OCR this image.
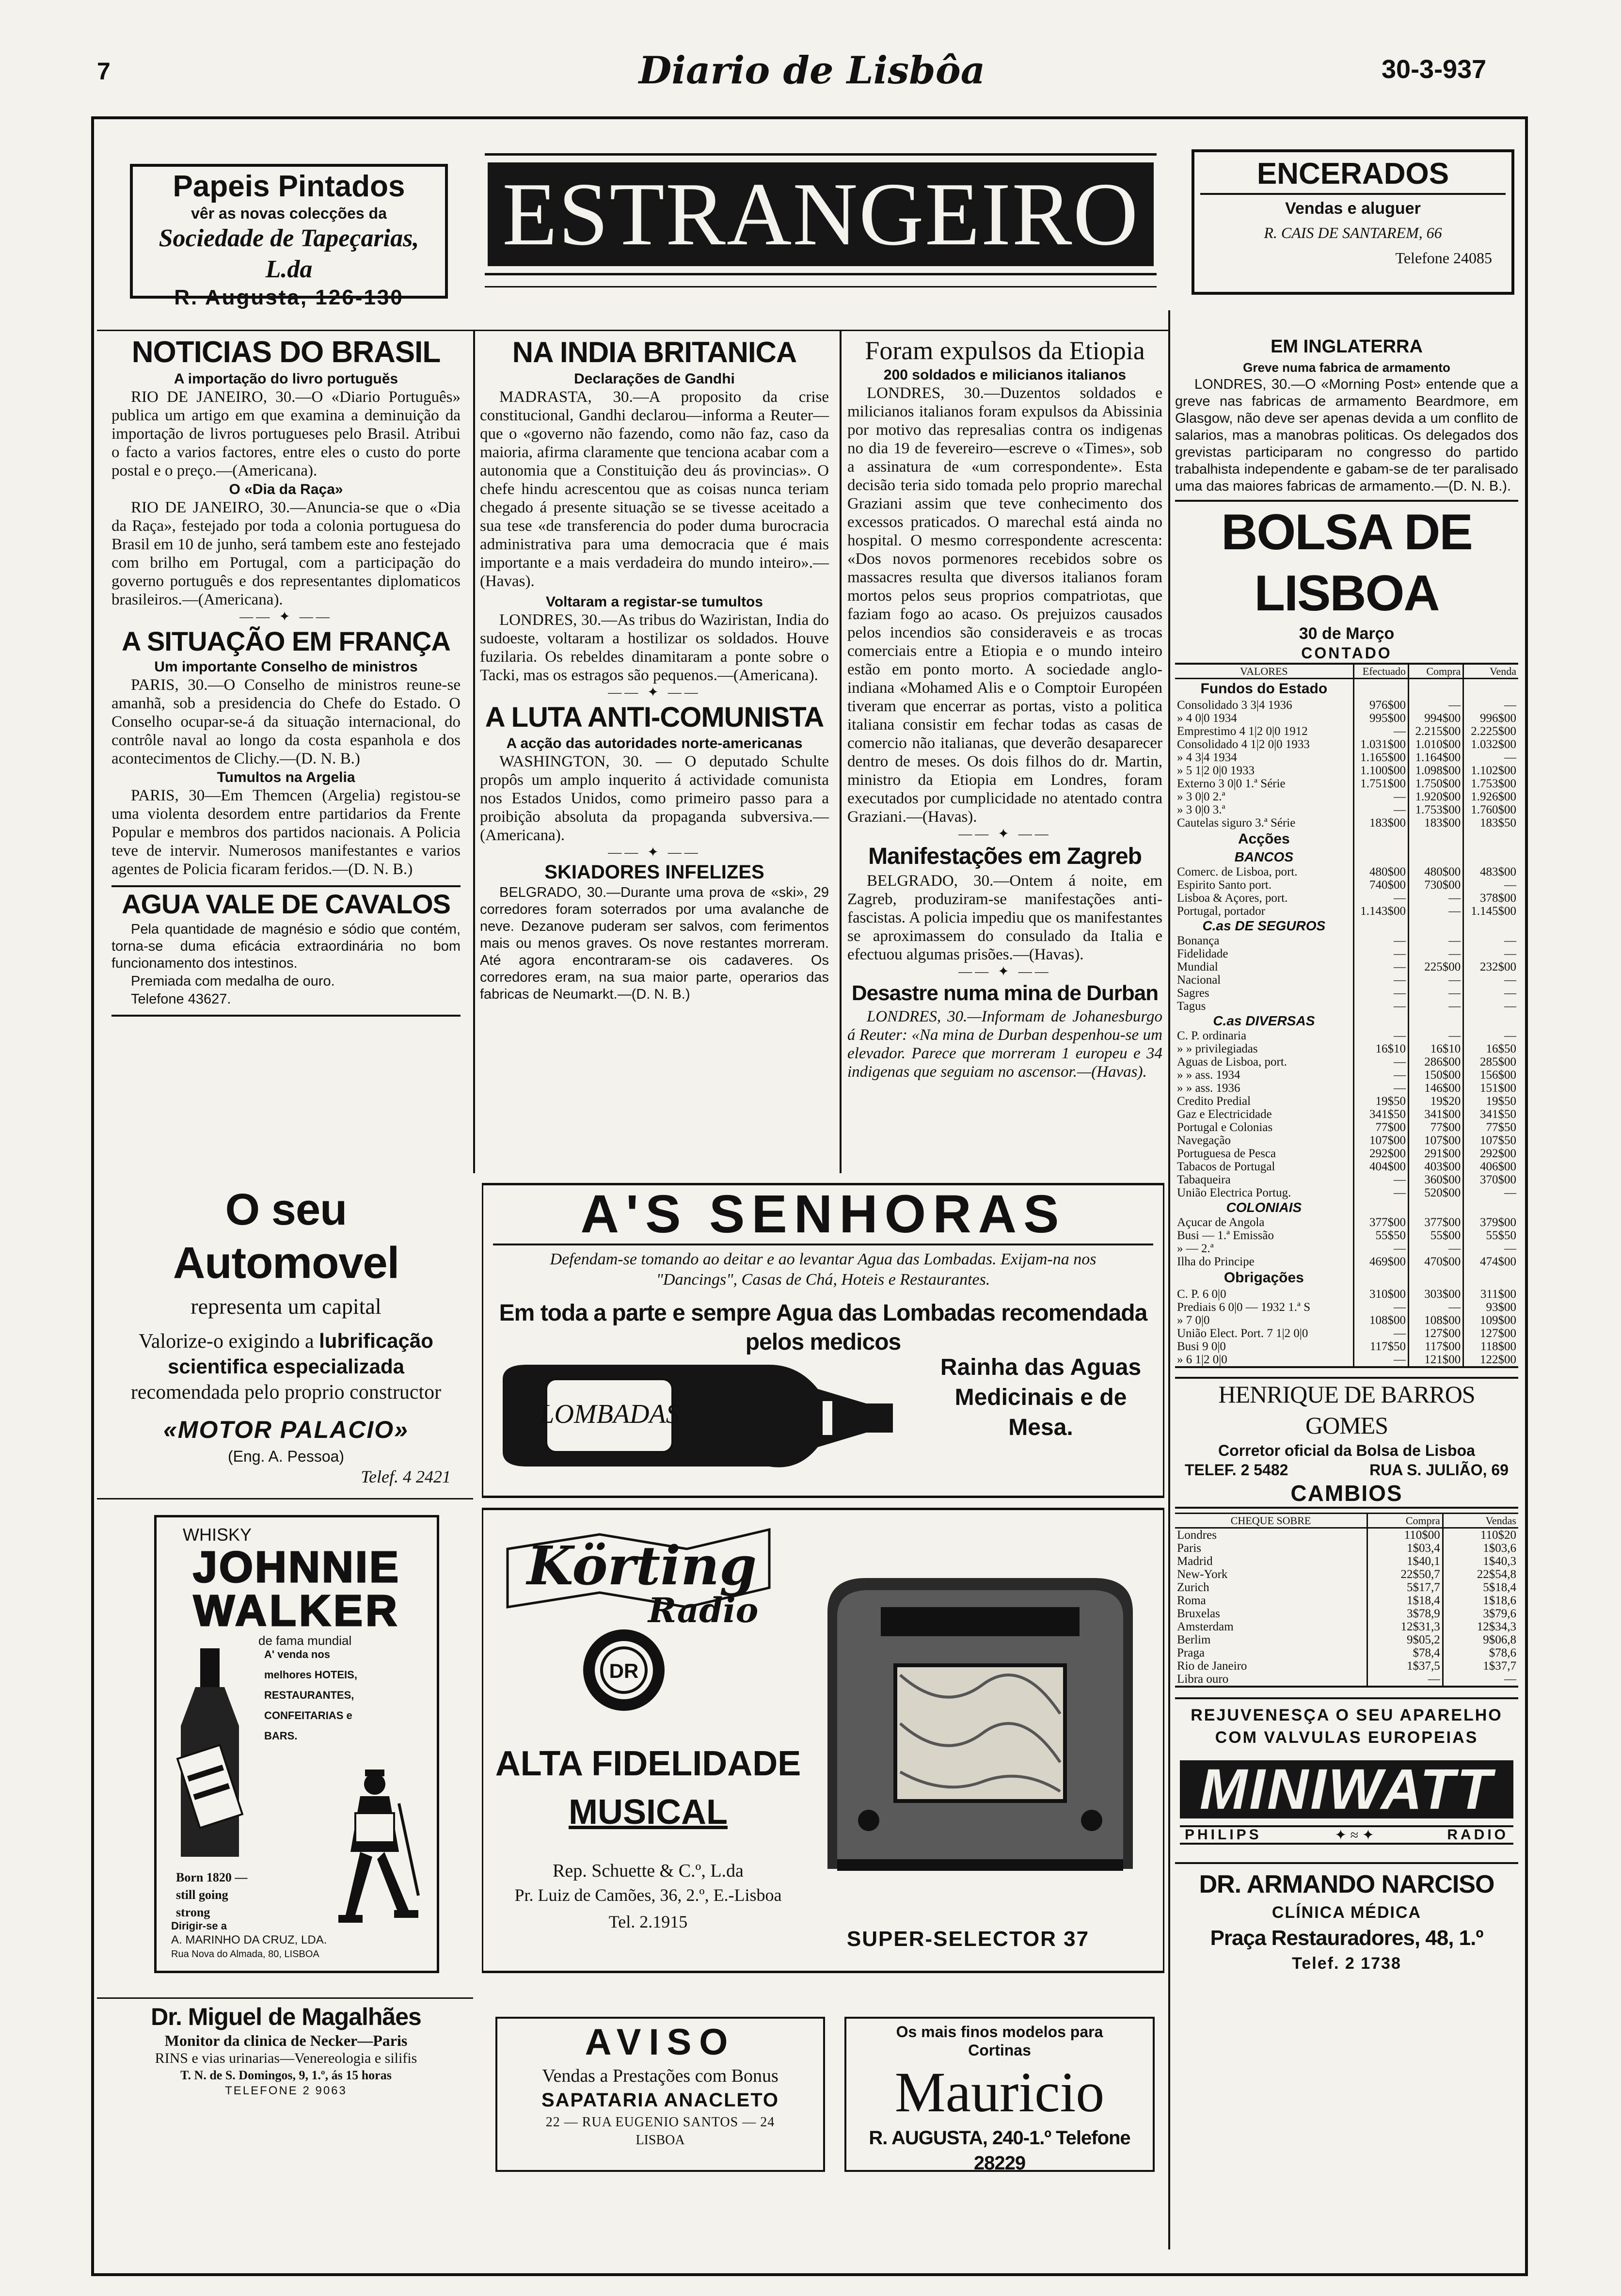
7	Diario de Lisbôa	30-3-937
Papeis Pintados
vêr as novas colecções da
Sociedade de Tapeçarias, L.da
R. Augusta, 126-130
ESTRANGEIRO	ENCERADOS
Vendas e aluguer
R. CAIS DE SANTAREM, 66
Telefone 24085
NOTICIAS DO BRASIL
A importação do livro portuguĕs

RIO DE JANEIRO, 30.—O «Diario Português» publica um artigo em que examina a deminuição da importação de livros portugueses pelo Brasil. Atribui o facto a varios factores, entre eles o custo do porte postal e o preço.—(Americana).

O «Dia da Raça»

RIO DE JANEIRO, 30.—Anuncia-se que o «Dia da Raça», festejado por toda a colonia portuguesa do Brasil em 10 de junho, será tambem este ano festejado com brilho em Portugal, com a participação do governo português e dos representantes diplomaticos brasileiros.—(Americana).

—— ✦ ——
A SITUAÇÃO EM FRANÇA
Um importante Conselho de ministros

PARIS, 30.—O Conselho de ministros reune-se amanhã, sob a presidencia do Chefe do Estado. O Conselho ocupar-se-á da situação internacional, do contrôle naval ao longo da costa espanhola e dos acontecimentos de Clichy.—(D. N. B.)

Tumultos na Argelia

PARIS, 30—Em Themcen (Argelia) registou-se uma violenta desordem entre partidarios da Frente Popular e membros dos partidos nacionais. A Policia teve de intervir. Numerosos manifestantes e varios agentes de Policia ficaram feridos.—(D. N. B.)

AGUA VALE DE CAVALOS

Pela quantidade de magnésio e sódio que contém, torna-se duma eficácia extraordinária no bom funcionamento dos intestinos.

Premiada com medalha de ouro.

Telefone 43627.

O seu Automovel
representa um capital
Valorize-o exigindo a lubrificação scientifica especializada recomendada pelo proprio constructor
«MOTOR PALACIO»
(Eng. A. Pessoa)
Telef. 4 2421
WHISKY
JOHNNIE
WALKER
de fama mundial
A' venda nos melhores HOTEIS, RESTAURANTES, CONFEITARIAS e BARS.
Born 1820 — still going strong
Dirigir-se a
A. MARINHO DA CRUZ, LDA.
Rua Nova do Almada, 80, LISBOA
Dr. Miguel de Magalhães
Monitor da clinica de Necker—Paris
RINS e vias urinarias—Venereologia e silifis
T. N. de S. Domingos, 9, 1.º, ás 15 horas
TELEFONE 2 9063
NA INDIA BRITANICA
Declarações de Gandhi

MADRASTA, 30.—A proposito da crise constitucional, Gandhi declarou—informa a Reuter—que o «governo não fazendo, como não faz, caso da maioria, afirma claramente que tenciona acabar com a autonomia que a Constituição deu ás provincias». O chefe hindu acrescentou que as coisas nunca teriam chegado á presente situação se se tivesse aceitado a sua tese «de transferencia do poder duma burocracia administrativa para uma democracia que é mais importante e a mais verdadeira do mundo inteiro».—(Havas).

Voltaram a registar-se tumultos

LONDRES, 30.—As tribus do Waziristan, India do sudoeste, voltaram a hostilizar os soldados. Houve fuzilaria. Os rebeldes dinamitaram a ponte sobre o Tacki, mas os estragos são pequenos.—(Americana).

—— ✦ ——
A LUTA ANTI-COMUNISTA
A acção das autoridades norte-americanas

WASHINGTON, 30. — O deputado Schulte propôs um amplo inquerito á actividade comunista nos Estados Unidos, como primeiro passo para a proibição absoluta da propaganda subversiva.—(Americana).

—— ✦ ——
SKIADORES INFELIZES

BELGRADO, 30.—Durante uma prova de «ski», 29 corredores foram soterrados por uma avalanche de neve. Dezanove puderam ser salvos, com ferimentos mais ou menos graves. Os nove restantes morreram. Até agora encontraram-se ois cadaveres. Os corredores eram, na sua maior parte, operarios das fabricas de Neumarkt.—(D. N. B.)

Foram expulsos da Etiopia
200 soldados e milicianos italianos

LONDRES, 30.—Duzentos soldados e milicianos italianos foram expulsos da Abissinia por motivo das represalias contra os indigenas no dia 19 de fevereiro—escreve o «Times», sob a assinatura de «um correspondente». Esta decisão teria sido tomada pelo proprio marechal Graziani assim que teve conhecimento dos excessos praticados. O marechal está ainda no hospital. O mesmo correspondente acrescenta: «Dos novos pormenores recebidos sobre os massacres resulta que diversos italianos foram mortos pelos seus proprios compatriotas, que faziam fogo ao acaso. Os prejuizos causados pelos incendios são consideraveis e as trocas comerciais entre a Etiopia e o mundo inteiro estão em ponto morto. A sociedade anglo-indiana «Mohamed Alis e o Comptoir Européen tiveram que encerrar as portas, visto a politica italiana consistir em fechar todas as casas de comercio não italianas, que deverão desaparecer dentro de meses. Os dois filhos do dr. Martin, ministro da Etiopia em Londres, foram executados por cumplicidade no atentado contra Graziani.—(Havas).

—— ✦ ——
Manifestações em Zagreb

BELGRADO, 30.—Ontem á noite, em Zagreb, produziram-se manifestações anti-fascistas. A policia impediu que os manifestantes se aproximassem do consulado da Italia e efectuou algumas prisões.—(Havas).

—— ✦ ——
Desastre numa mina de Durban

LONDRES, 30.—Informam de Johanesburgo á Reuter: «Na mina de Durban despenhou-se um elevador. Parece que morreram 1 europeu e 34 indigenas que seguiam no ascensor.—(Havas).

A'S SENHORAS
Defendam-se tomando ao deitar e ao levantar Agua das Lombadas. Exijam-na nos "Dancings", Casas de Chá, Hoteis e Restaurantes.
Em toda a parte e sempre Agua das Lombadas recomendada pelos medicos
LOMBADAS
Rainha das Aguas Medicinais e de Mesa.
Körting
Radio
DR
ALTA FIDELIDADE
MUSICAL
Rep. Schuette & C.º, L.da
Pr. Luiz de Camões, 36, 2.º, E.-Lisboa
Tel. 2.1915
SUPER-SELECTOR 37
AVISO
Vendas a Prestações com Bonus
SAPATARIA ANACLETO
22 — RUA EUGENIO SANTOS — 24
LISBOA
Os mais finos modelos para Cortinas
Mauricio
R. AUGUSTA, 240-1.º Telefone 28229
EM INGLATERRA
Greve numa fabrica de armamento

LONDRES, 30.—O «Morning Post» entende que a greve nas fabricas de armamento Beardmore, em Glasgow, não deve ser apenas devida a um conflito de salarios, mas a manobras politicas. Os delegados dos grevistas participaram no congresso do partido trabalhista independente e gabam-se de ter paralisado uma das maiores fabricas de armamento.—(D. N. B.).

BOLSA DE LISBOA
30 de Março
CONTADO
VALORES	Efectuado	Compra	Venda
Fundos do Estado			
Consolidado 3 3|4 1936	976$00	—	—
» 4 0|0 1934	995$00	994$00	996$00
Emprestimo 4 1|2 0|0 1912	—	2.215$00	2.225$00
Consolidado 4 1|2 0|0 1933	1.031$00	1.010$00	1.032$00
» 4 3|4 1934	1.165$00	1.164$00	—
» 5 1|2 0|0 1933	1.100$00	1.098$00	1.102$00
Externo 3 0|0 1.ª Série	1.751$00	1.750$00	1.753$00
» 3 0|0 2.ª	—	1.920$00	1.926$00
» 3 0|0 3.ª	—	1.753$00	1.760$00
Cautelas siguro 3.ª Série	183$00	183$00	183$50
Acções			
BANCOS			
Comerc. de Lisboa, port.	480$00	480$00	483$00
Espirito Santo port.	740$00	730$00	—
Lisboa & Açores, port.	—	—	378$00
Portugal, portador	1.143$00	—	1.145$00
C.as DE SEGUROS			
Bonança	—	—	—
Fidelidade	—	—	—
Mundial	—	225$00	232$00
Nacional	—	—	—
Sagres	—	—	—
Tagus	—	—	—
C.as DIVERSAS			
C. P. ordinaria	—	—	—
» » privilegiadas	16$10	16$10	16$50
Aguas de Lisboa, port.	—	286$00	285$00
» » ass. 1934	—	150$00	156$00
» » ass. 1936	—	146$00	151$00
Credito Predial	19$50	19$20	19$50
Gaz e Electricidade	341$50	341$00	341$50
Portugal e Colonias	77$00	77$00	77$50
Navegação	107$00	107$00	107$50
Portuguesa de Pesca	292$00	291$00	292$00
Tabacos de Portugal	404$00	403$00	406$00
Tabaqueira	—	360$00	370$00
União Electrica Portug.	—	520$00	—
COLONIAIS			
Açucar de Angola	377$00	377$00	379$00
Busi — 1.ª Emissão	55$50	55$00	55$50
» — 2.ª	—	—	—
Ilha do Principe	469$00	470$00	474$00
Obrigações			
C. P. 6 0|0	310$00	303$00	311$00
Prediais 6 0|0 — 1932 1.ª S	—	—	93$00
» 7 0|0	108$00	108$00	109$00
União Elect. Port. 7 1|2 0|0	—	127$00	127$00
Busi 9 0|0	117$50	117$00	118$00
» 6 1|2 0|0	—	121$00	122$00
HENRIQUE DE BARROS GOMES
Corretor oficial da Bolsa de Lisboa
TELEF. 2 5482	RUA S. JULIÃO, 69
CAMBIOS
CHEQUE SOBRE	Compra	Vendas
Londres	110$00	110$20
Paris	1$03,4	1$03,6
Madrid	1$40,1	1$40,3
New-York	22$50,7	22$54,8
Zurich	5$17,7	5$18,4
Roma	1$18,4	1$18,6
Bruxelas	3$78,9	3$79,6
Amsterdam	12$31,3	12$34,3
Berlim	9$05,2	9$06,8
Praga	$78,4	$78,6
Rio de Janeiro	1$37,5	1$37,7
Libra ouro	—	—
REJUVENESÇA O SEU APARELHO
COM VALVULAS EUROPEIAS
MINIWATT
PHILIPS	✦ ≈ ✦	RADIO
DR. ARMANDO NARCISO
CLÍNICA MÉDICA
Praça Restauradores, 48, 1.º
Telef. 2 1738
